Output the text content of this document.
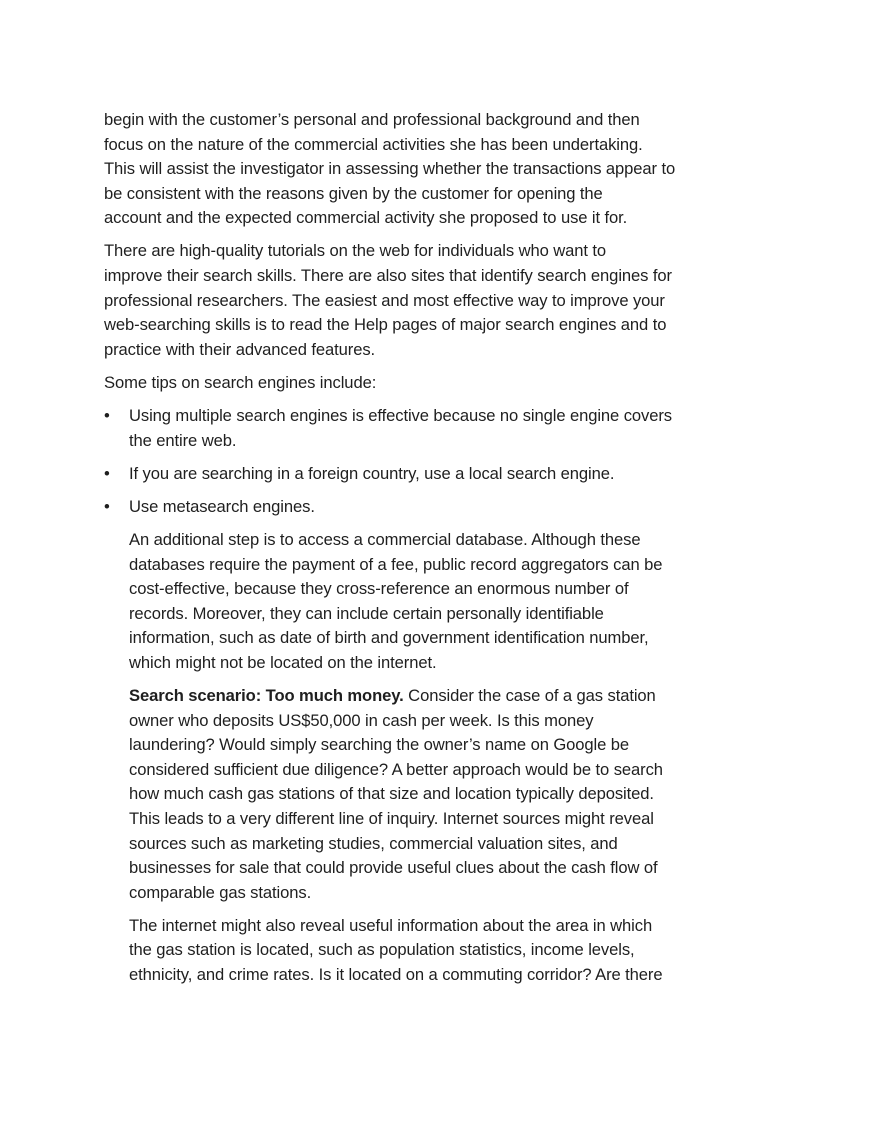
begin with the customer’s personal and professional background and then
focus on the nature of the commercial activities she has been undertaking.
This will assist the investigator in assessing whether the transactions appear to
be consistent with the reasons given by the customer for opening the
account and the expected commercial activity she proposed to use it for.
There are high-quality tutorials on the web for individuals who want to
improve their search skills. There are also sites that identify search engines for
professional researchers. The easiest and most effective way to improve your
web-searching skills is to read the Help pages of major search engines and to
practice with their advanced features.
Some tips on search engines include:
• Using multiple search engines is effective because no single engine covers
the entire web.
• If you are searching in a foreign country, use a local search engine.
• Use metasearch engines.
An additional step is to access a commercial database. Although these
databases require the payment of a fee, public record aggregators can be
cost-effective, because they cross-reference an enormous number of
records. Moreover, they can include certain personally identifiable
information, such as date of birth and government identification number,
which might not be located on the internet.
Search scenario: Too much money. Consider the case of a gas station
owner who deposits US$50,000 in cash per week. Is this money
laundering? Would simply searching the owner’s name on Google be
considered sufficient due diligence? A better approach would be to search
how much cash gas stations of that size and location typically deposited.
This leads to a very different line of inquiry. Internet sources might reveal
sources such as marketing studies, commercial valuation sites, and
businesses for sale that could provide useful clues about the cash flow of
comparable gas stations.
The internet might also reveal useful information about the area in which
the gas station is located, such as population statistics, income levels,
ethnicity, and crime rates. Is it located on a commuting corridor? Are there
